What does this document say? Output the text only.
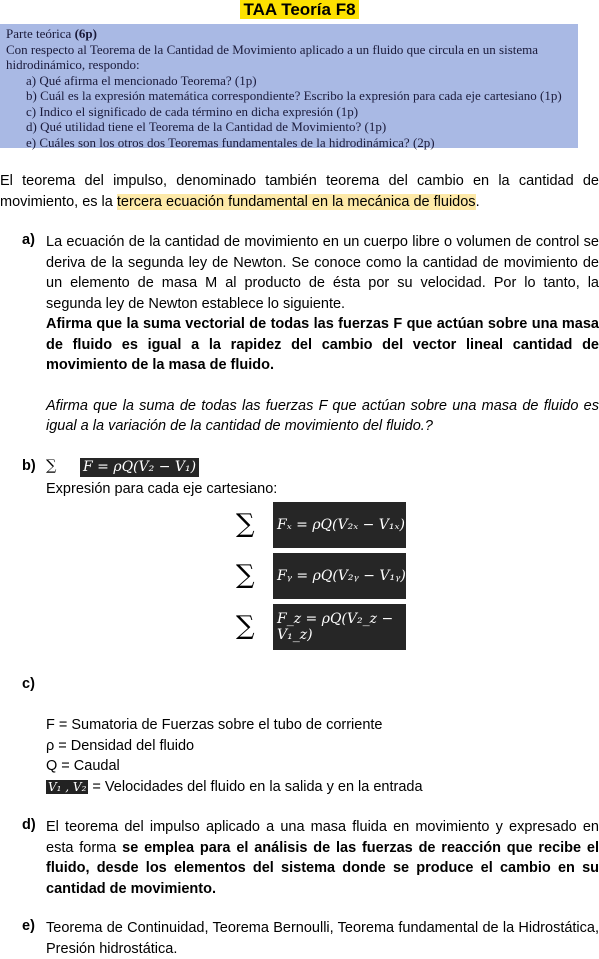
TAA Teoría F8
Parte teórica (6p)
Con respecto al Teorema de la Cantidad de Movimiento aplicado a un fluido que circula en un sistema
hidrodinámico, respondo:
a) Qué afirma el mencionado Teorema? (1p)
b) Cuál es la expresión matemática correspondiente? Escribo la expresión para cada eje cartesiano (1p)
c) Indico el significado de cada término en dicha expresión (1p)
d) Qué utilidad tiene el Teorema de la Cantidad de Movimiento? (1p)
e) Cuáles son los otros dos Teoremas fundamentales de la hidrodinámica? (2p)
El teorema del impulso, denominado también teorema del cambio en la cantidad de movimiento, es la tercera ecuación fundamental en la mecánica de fluidos.
a) La ecuación de la cantidad de movimiento en un cuerpo libre o volumen de control se deriva de la segunda ley de Newton. Se conoce como la cantidad de movimiento de un elemento de masa M al producto de ésta por su velocidad. Por lo tanto, la segunda ley de Newton establece lo siguiente.

Afirma que la suma vectorial de todas las fuerzas F que actúan sobre una masa de fluido es igual a la rapidez del cambio del vector lineal cantidad de movimiento de la masa de fluido.

Afirma que la suma de todas las fuerzas F que actúan sobre una masa de fluido es igual a la variación de la cantidad de movimiento del fluido.?

b) ∑ F = ρQ(V₂ − V₁)
Expresión para cada eje cartesiano:
∑ Fₓ = ρQ(V₂ₓ − V₁ₓ)
∑ Fᵧ = ρQ(V₂ᵧ − V₁ᵧ)
∑ F_z = ρQ(V₂_z − V₁_z)
c)
F = Sumatoria de Fuerzas sobre el tubo de corriente
ρ = Densidad del fluido
Q = Caudal
V₁ , V₂ = Velocidades del fluido en la salida y en la entrada
d) El teorema del impulso aplicado a una masa fluida en movimiento y expresado en esta forma se emplea para el análisis de las fuerzas de reacción que recibe el fluido, desde los elementos del sistema donde se produce el cambio en su cantidad de movimiento.
e) Teorema de Continuidad, Teorema Bernoulli, Teorema fundamental de la Hidrostática, Presión hidrostática.
